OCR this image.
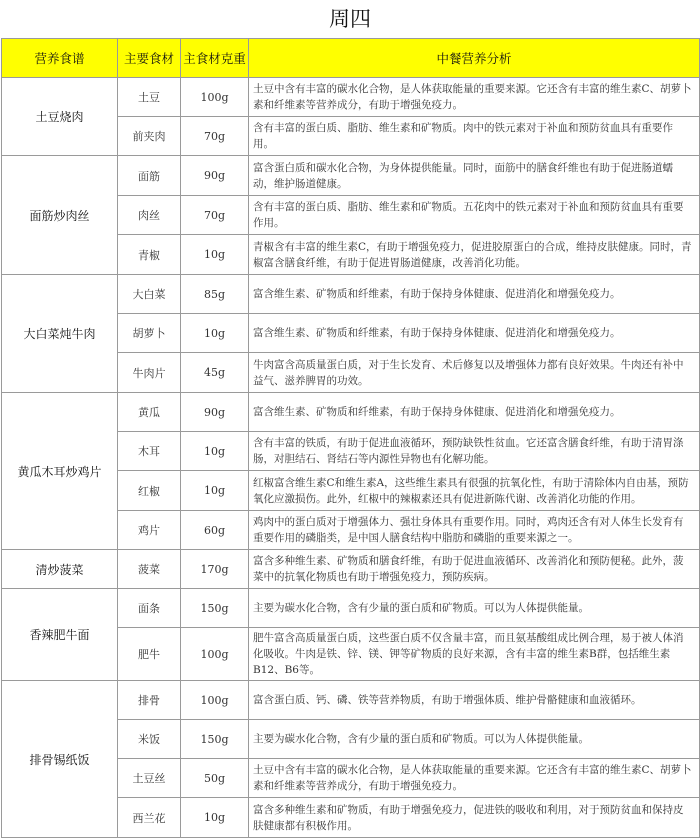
周四
营养食谱	主要食材	主食材克重	中餐营养分析
土豆烧肉	土豆	100g	土豆中含有丰富的碳水化合物，是人体获取能量的重要来源。它还含有丰富的维生素C、胡萝卜素和纤维素等营养成分，有助于增强免疫力。
	前夹肉	70g	含有丰富的蛋白质、脂肪、维生素和矿物质。肉中的铁元素对于补血和预防贫血具有重要作用。
面筋炒肉丝	面筋	90g	富含蛋白质和碳水化合物，为身体提供能量。同时，面筋中的膳食纤维也有助于促进肠道蠕动，维护肠道健康。
	肉丝	70g	含有丰富的蛋白质、脂肪、维生素和矿物质。五花肉中的铁元素对于补血和预防贫血具有重要作用。
	青椒	10g	青椒含有丰富的维生素C，有助于增强免疫力，促进胶原蛋白的合成，维持皮肤健康。同时，青椒富含膳食纤维，有助于促进胃肠道健康，改善消化功能。
大白菜炖牛肉	大白菜	85g	富含维生素、矿物质和纤维素，有助于保持身体健康、促进消化和增强免疫力。
	胡萝卜	10g	富含维生素、矿物质和纤维素，有助于保持身体健康、促进消化和增强免疫力。
	牛肉片	45g	牛肉富含高质量蛋白质，对于生长发育、术后修复以及增强体力都有良好效果。牛肉还有补中益气、滋养脾胃的功效。
黄瓜木耳炒鸡片	黄瓜	90g	富含维生素、矿物质和纤维素，有助于保持身体健康、促进消化和增强免疫力。
	木耳	10g	含有丰富的铁质，有助于促进血液循环，预防缺铁性贫血。它还富含膳食纤维，有助于清胃涤肠，对胆结石、肾结石等内源性异物也有化解功能。
	红椒	10g	红椒富含维生素C和维生素A，这些维生素具有很强的抗氧化性，有助于清除体内自由基，预防氧化应激损伤。此外，红椒中的辣椒素还具有促进新陈代谢、改善消化功能的作用。
	鸡片	60g	鸡肉中的蛋白质对于增强体力、强壮身体具有重要作用。同时，鸡肉还含有对人体生长发育有重要作用的磷脂类，是中国人膳食结构中脂肪和磷脂的重要来源之一。
清炒菠菜	菠菜	170g	富含多种维生素、矿物质和膳食纤维，有助于促进血液循环、改善消化和预防便秘。此外，菠菜中的抗氧化物质也有助于增强免疫力，预防疾病。
香辣肥牛面	面条	150g	主要为碳水化合物，含有少量的蛋白质和矿物质。可以为人体提供能量。
	肥牛	100g	肥牛富含高质量蛋白质，这些蛋白质不仅含量丰富，而且氨基酸组成比例合理，易于被人体消化吸收。牛肉是铁、锌、镁、钾等矿物质的良好来源，含有丰富的维生素B群，包括维生素B12、B6等。
排骨锡纸饭	排骨	100g	富含蛋白质、钙、磷、铁等营养物质，有助于增强体质、维护骨骼健康和血液循环。
	米饭	150g	主要为碳水化合物，含有少量的蛋白质和矿物质。可以为人体提供能量。
	土豆丝	50g	土豆中含有丰富的碳水化合物，是人体获取能量的重要来源。它还含有丰富的维生素C、胡萝卜素和纤维素等营养成分，有助于增强免疫力。
	西兰花	10g	富含多种维生素和矿物质，有助于增强免疫力，促进铁的吸收和利用，对于预防贫血和保持皮肤健康都有积极作用。
